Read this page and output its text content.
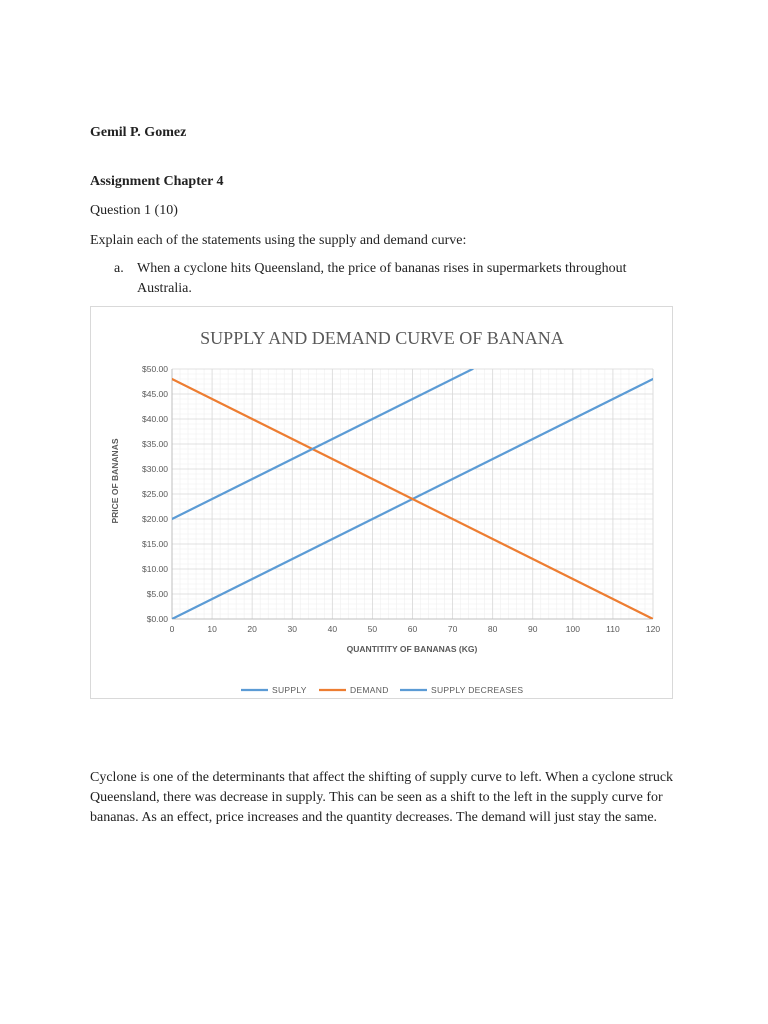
Gemil P. Gomez
Assignment Chapter 4
Question 1 (10)
Explain each of the statements using the supply and demand curve:
a. When a cyclone hits Queensland, the price of bananas rises in supermarkets throughout Australia.
SUPPLY AND DEMAND CURVE OF BANANA
0	10	20	30	40	50	60	70	80	90	100	110	120
$0.00
$5.00
$10.00
$15.00
$20.00
$25.00
$30.00
$35.00
$40.00
$45.00
$50.00
PRICE OF BANANAS
QUANTITITY OF BANANAS (KG)
SUPPLY	DEMAND	SUPPLY DECREASES
Cyclone is one of the determinants that affect the shifting of supply curve to left. When a cyclone struck Queensland, there was decrease in supply. This can be seen as a shift to the left in the supply curve for bananas. As an effect, price increases and the quantity decreases. The demand will just stay the same.
